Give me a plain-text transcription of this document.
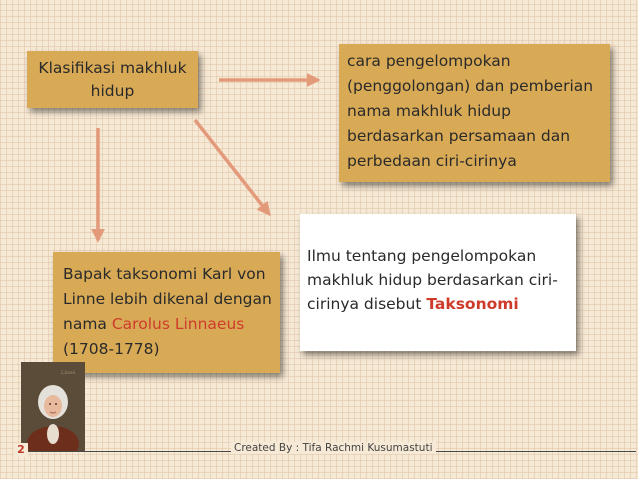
Klasifikasi makhluk hidup
cara pengelompokan (penggolongan) dan pemberian nama makhluk hidup berdasarkan persamaan dan perbedaan ciri-cirinya
Ilmu tentang pengelompokan makhluk hidup berdasarkan ciri-cirinya disebut Taksonomi
Bapak taksonomi Karl von Linne lebih dikenal dengan nama Carolus Linnaeus (1708-1778)
Linné
2	Created By : Tifa Rachmi Kusumastuti
